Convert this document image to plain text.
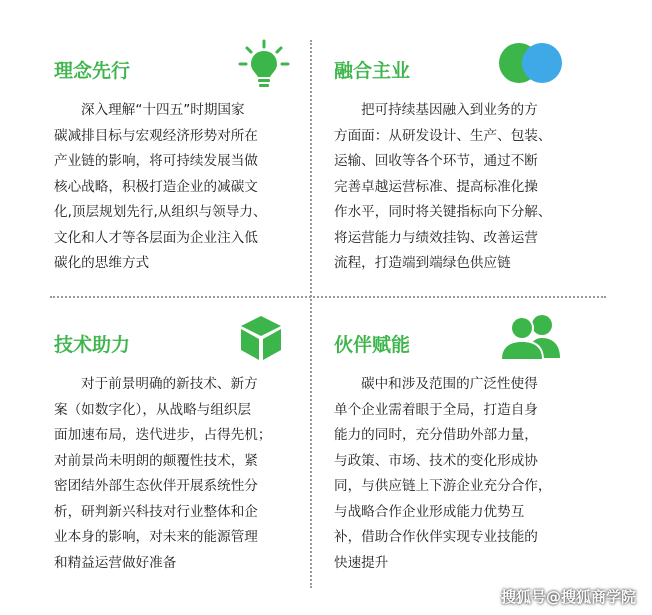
理念先行

深入理解“十四五”时期国家
碳减排目标与宏观经济形势对所在
产业链的影响，将可持续发展当做
核心战略，积极打造企业的减碳文
化,顶层规划先行,从组织与领导力、
文化和人才等各层面为企业注入低
碳化的思维方式

融合主业

把可持续基因融入到业务的方
方面面：从研发设计、生产、包装、
运输、回收等各个环节，通过不断
完善卓越运营标准、提高标准化操
作水平，同时将关键指标向下分解、
将运营能力与绩效挂钩、改善运营
流程，打造端到端绿色供应链

技术助力

对于前景明确的新技术、新方
案（如数字化），从战略与组织层
面加速布局，迭代进步，占得先机；
对前景尚未明朗的颠覆性技术，紧
密团结外部生态伙伴开展系统性分
析，研判新兴科技对行业整体和企
业本身的影响，对未来的能源管理
和精益运营做好准备

伙伴赋能

碳中和涉及范围的广泛性使得
单个企业需着眼于全局，打造自身
能力的同时，充分借助外部力量，
与政策、市场、技术的变化形成协
同，与供应链上下游企业充分合作，
与战略合作企业形成能力优势互
补，借助合作伙伴实现专业技能的
快速提升

搜狐号@搜狐商学院
